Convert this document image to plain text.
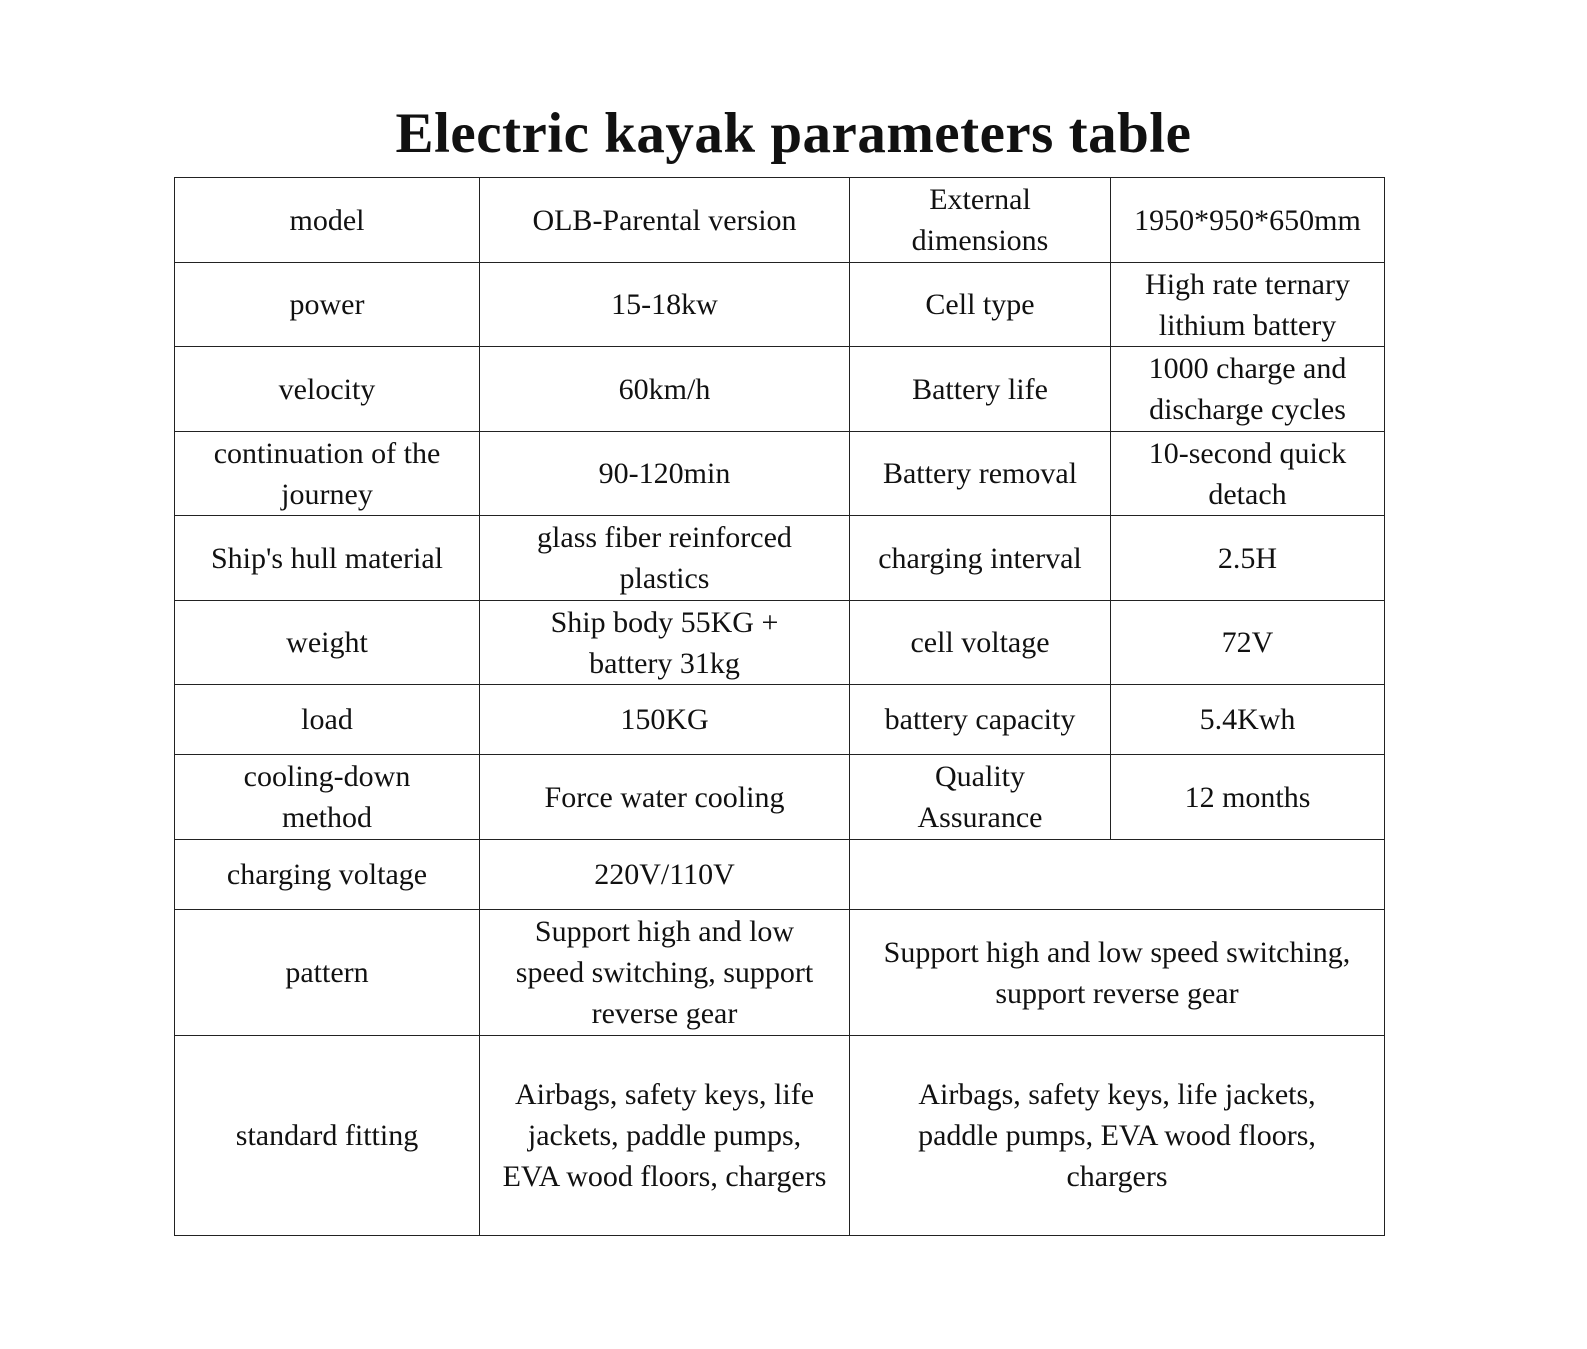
Electric kayak parameters table
model	OLB-Parental version	External dimensions	1950*950*650mm
power	15-18kw	Cell type	High rate ternary lithium battery
velocity	60km/h	Battery life	1000 charge and discharge cycles
continuation of the journey	90-120min	Battery removal	10-second quick detach
Ship's hull material	glass fiber reinforced plastics	charging interval	2.5H
weight	Ship body 55KG + battery 31kg	cell voltage	72V
load	150KG	battery capacity	5.4Kwh
cooling-down method	Force water cooling	Quality Assurance	12 months
charging voltage	220V/110V		
pattern	Support high and low speed switching, support reverse gear	Support high and low speed switching, support reverse gear	
standard fitting	Airbags, safety keys, life jackets, paddle pumps, EVA wood floors, chargers	Airbags, safety keys, life jackets, paddle pumps, EVA wood floors, chargers	
